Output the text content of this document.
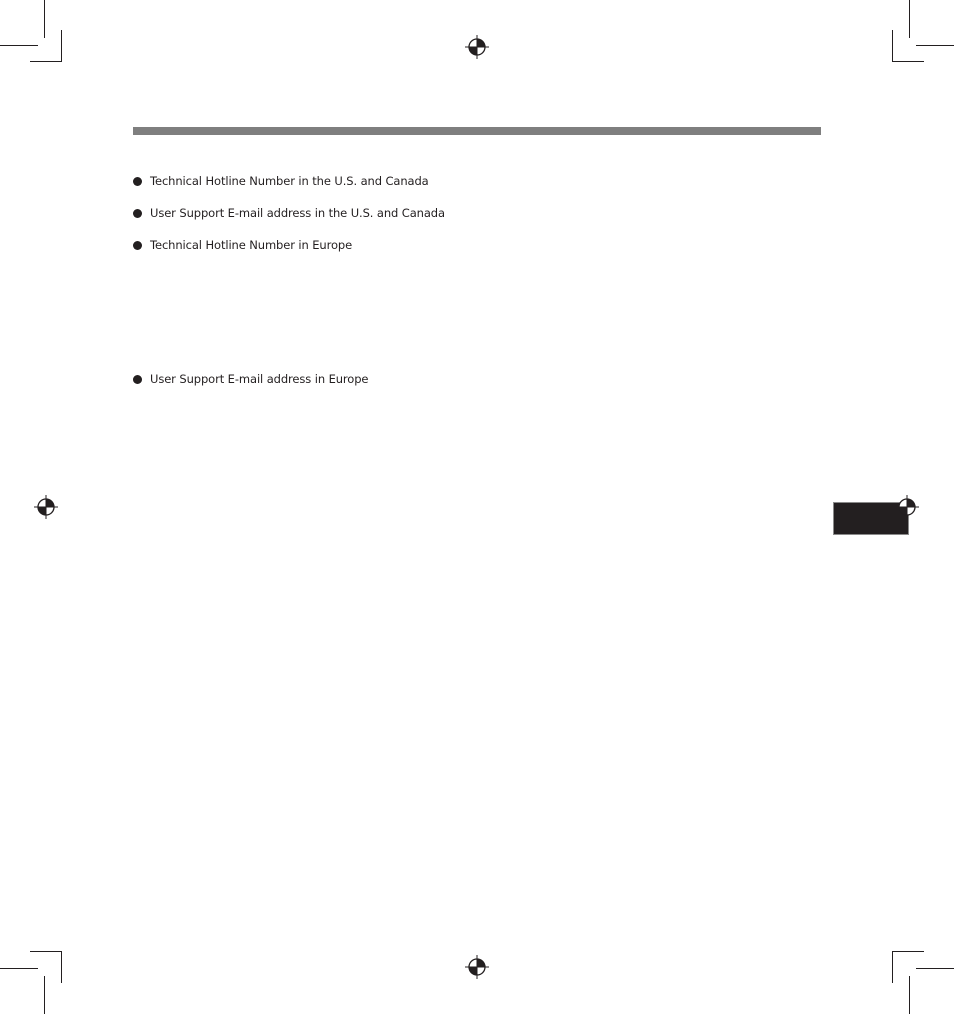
Technical Hotline Number in the U.S. and Canada
User Support E-mail address in the U.S. and Canada
Technical Hotline Number in Europe
User Support E-mail address in Europe
